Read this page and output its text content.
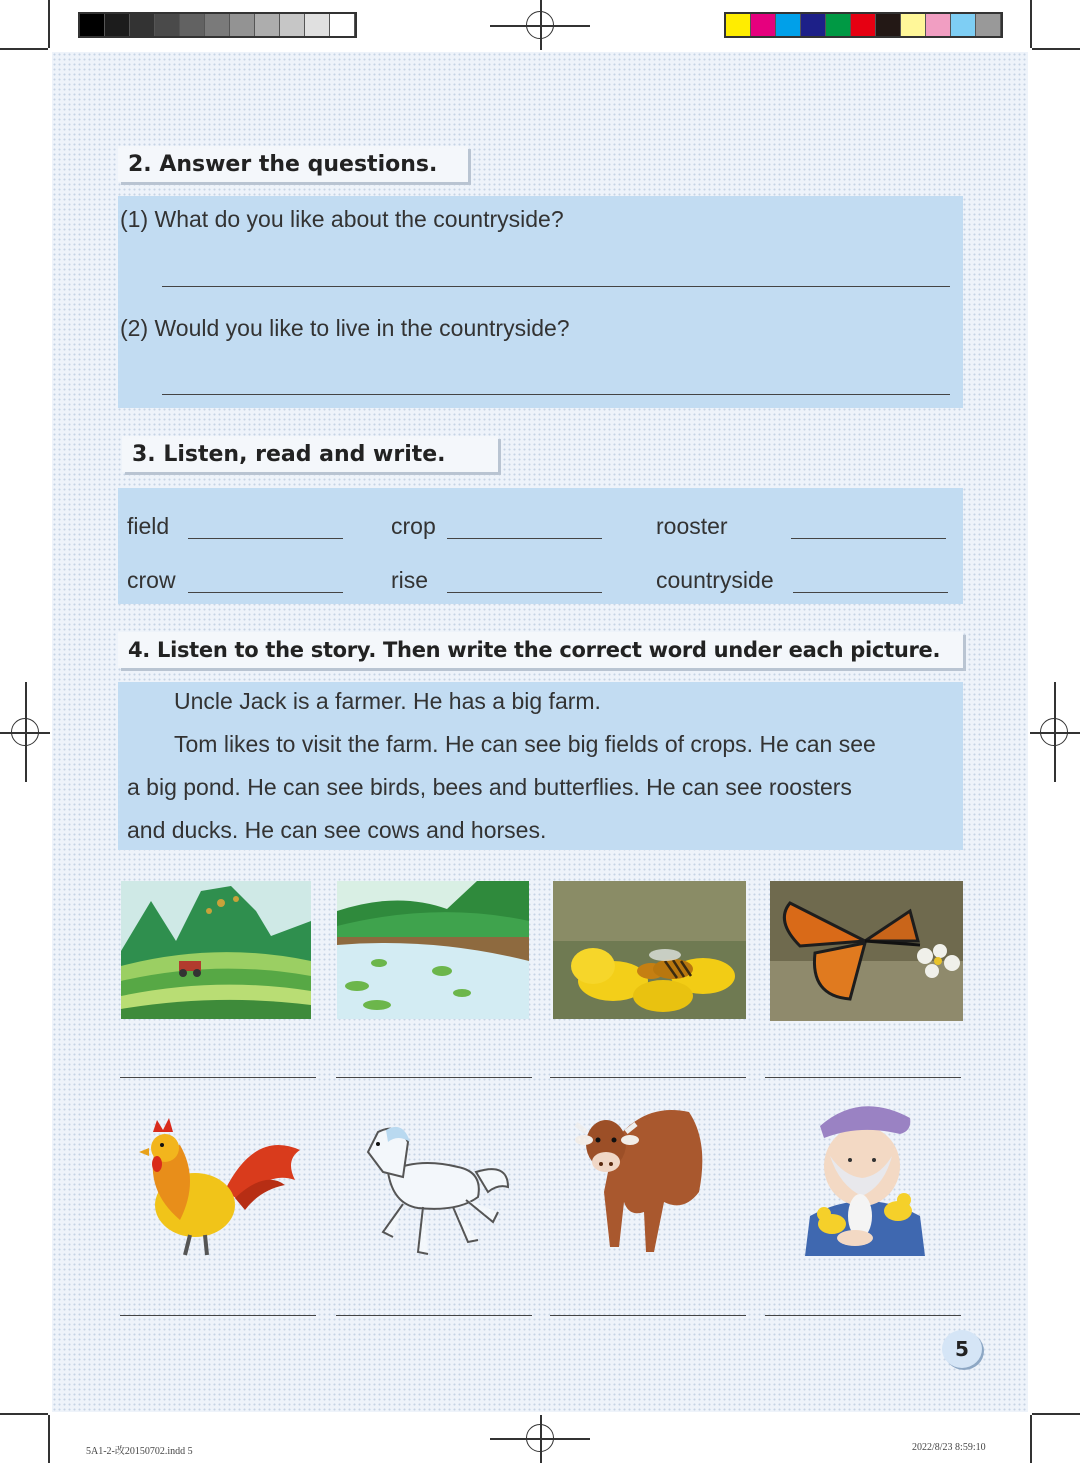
2. Answer the questions.
(1) What do you like about the countryside?
(2) Would you like to live in the countryside?
3. Listen, read and write.
field	crop	rooster
crow	rise	countryside
4. Listen to the story. Then write the correct word under each picture.

Uncle Jack is a farmer. He has a big farm.

Tom likes to visit the farm. He can see big fields of crops. He can see

a big pond. He can see birds, bees and butterflies. He can see roosters

and ducks. He can see cows and horses.

5
5A1-2-改20150702.indd 5	2022/8/23 8:59:10
